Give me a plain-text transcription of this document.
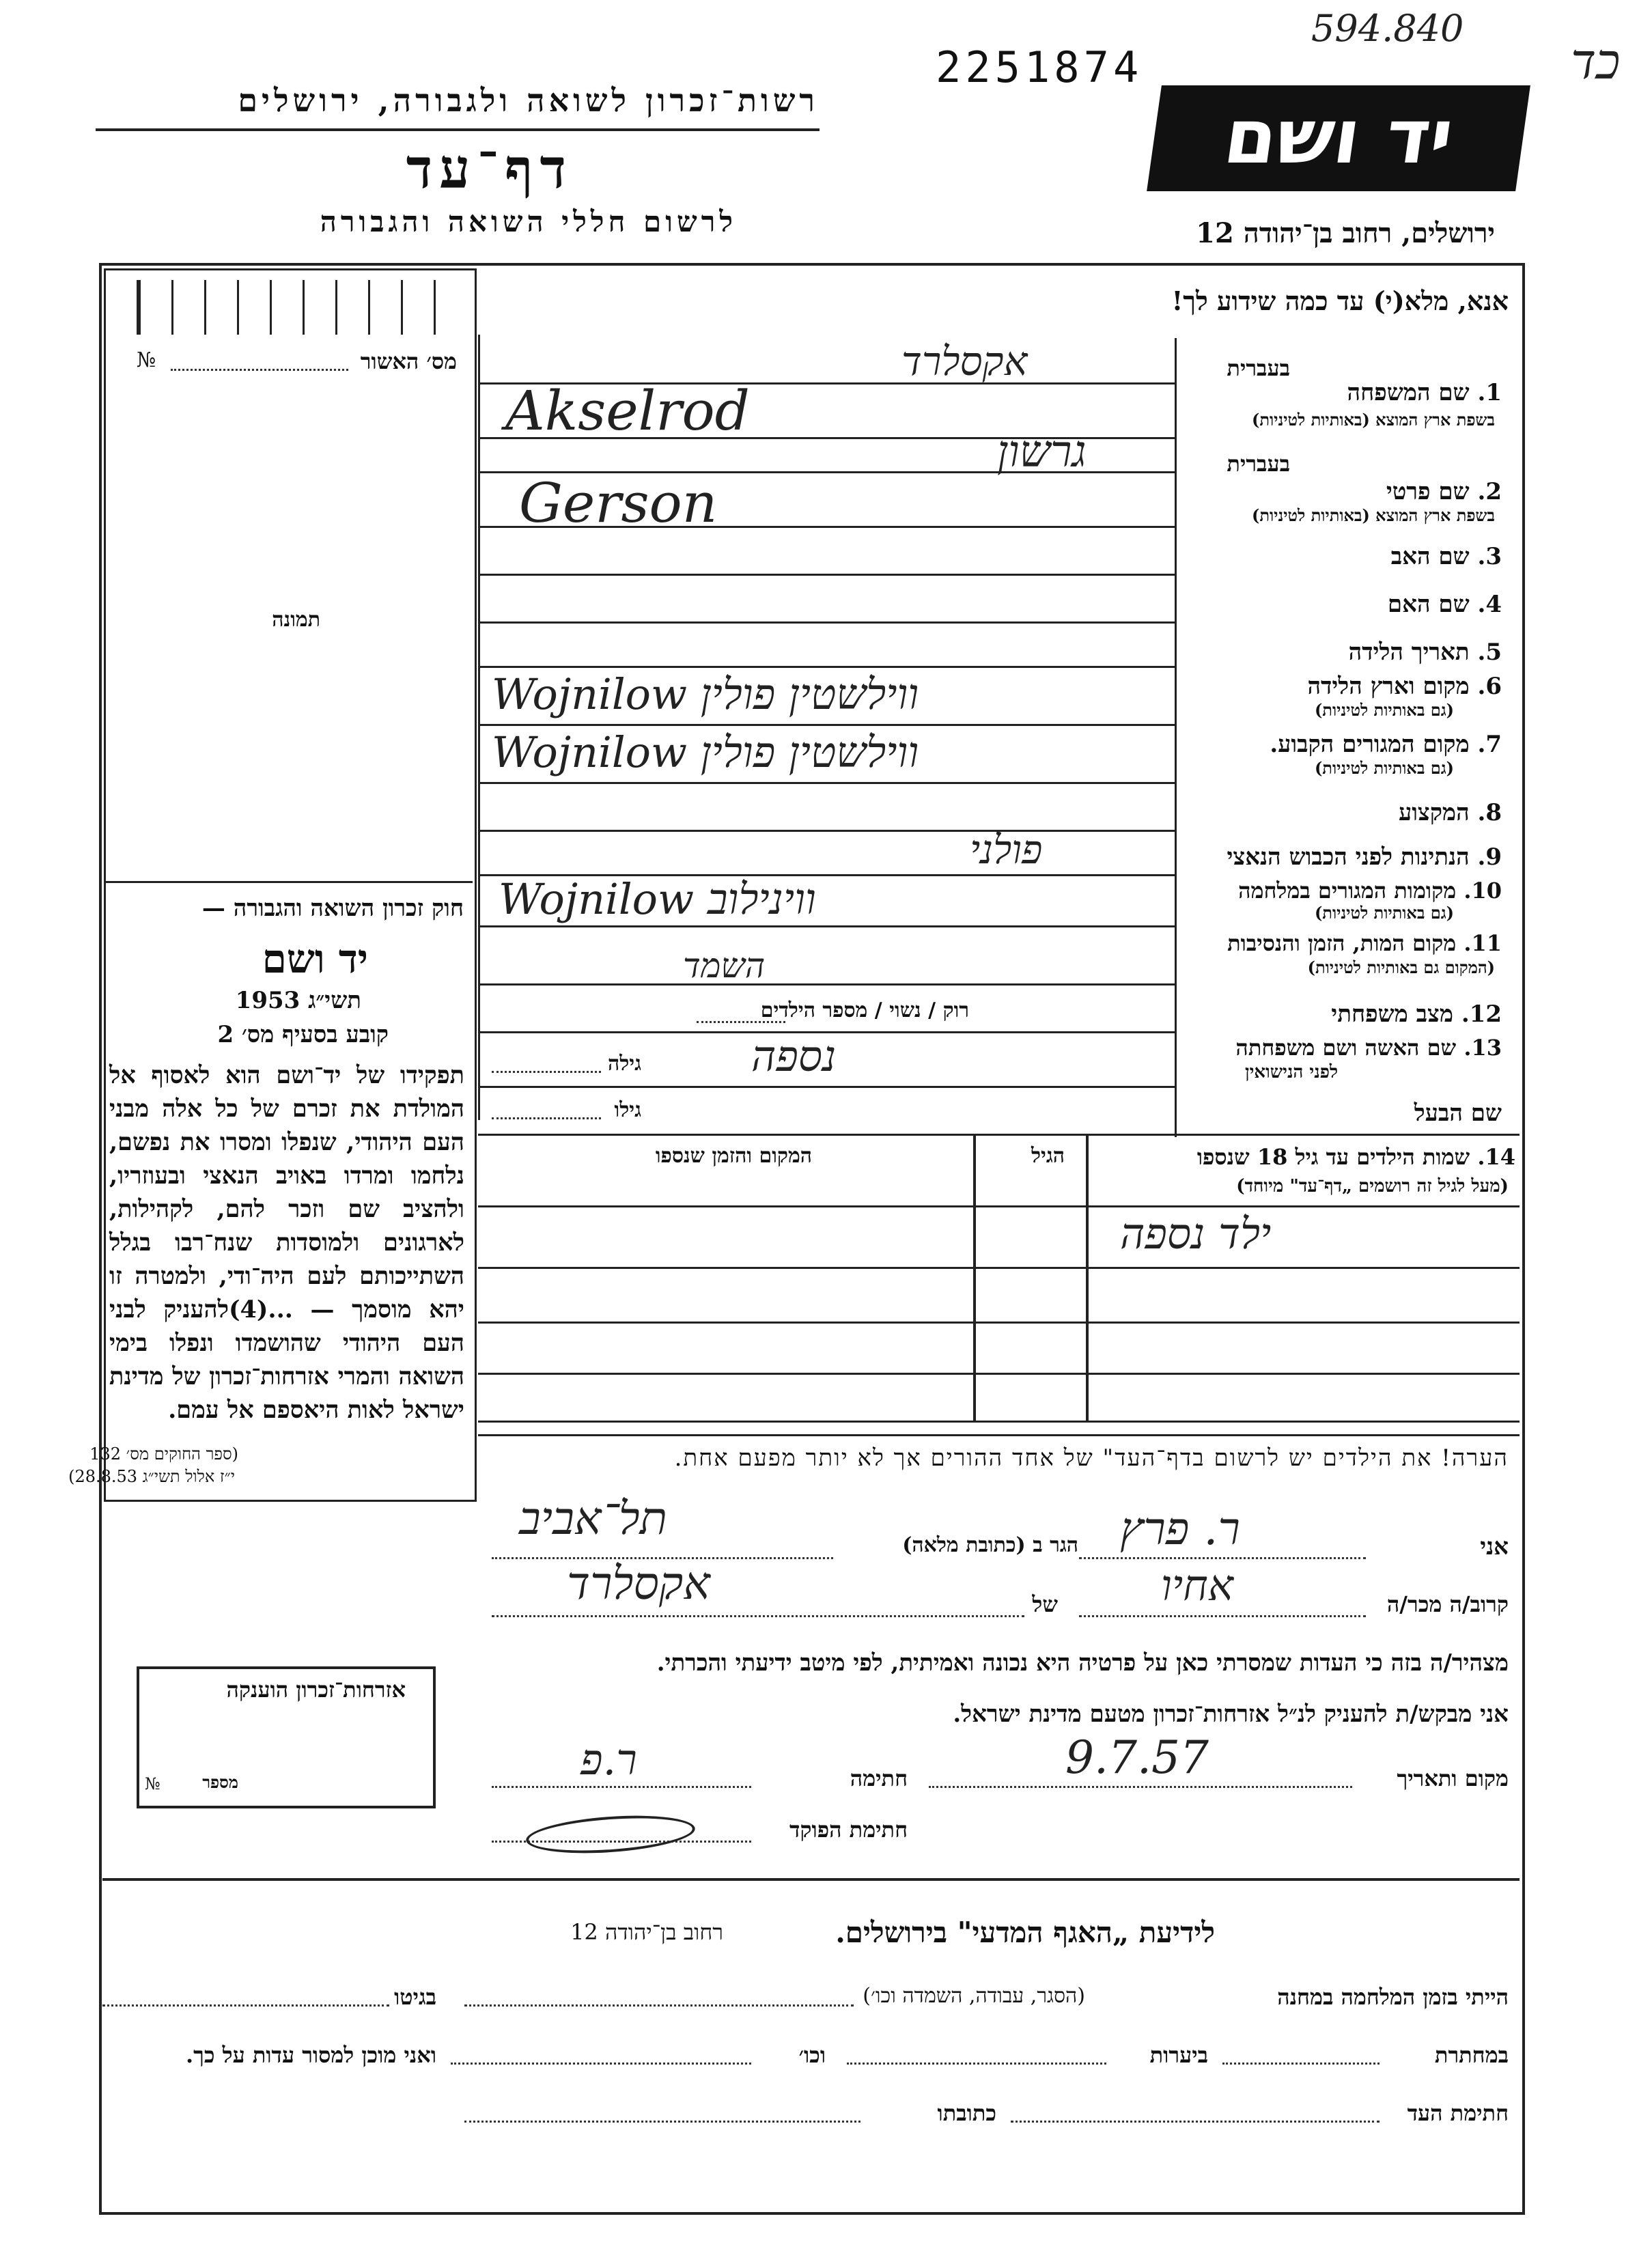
2251874
594.840
כד
רשות־זכרון לשואה ולגבורה, ירושלים
דף־עד
לרשום חללי השואה והגבורה
יד ושם
ירושלים, רחוב בן־יהודה 12
אנא, מלא(י) עד כמה שידוע לך!
מס׳ האשור
№
תמונה
חוק זכרון השואה והגבורה —
יד ושם
תשי״ג 1953
קובע בסעיף מס׳ 2
תפקידו של יד־ושם הוא לאסוף אל המולדת את זכרם של כל אלה מבני העם היהודי, שנפלו ומסרו את נפשם, נלחמו ומרדו באויב הנאצי ובעוזריו, ולהציב שם וזכר להם, לקהילות, לארגונים ולמוסדות שנח־רבו בגלל השתייכותם לעם היה־ודי, ולמטרה זו יהא מוסמך — ...(4)להעניק לבני העם היהודי שהושמדו ונפלו בימי השואה והמרי אזרחות־זכרון של מדינת ישראל לאות היאספם אל עמם.
(ספר החוקים מס׳ 132
י״ז אלול תשי״ג 28.8.53)
אזרחות־זכרון הוענקה
מספר
№
בעברית
1. שם המשפחה
בשפת ארץ המוצא (באותיות לטיניות)
בעברית
2. שם פרטי
בשפת ארץ המוצא (באותיות לטיניות)
3. שם האב
4. שם האם
5. תאריך הלידה
6. מקום וארץ הלידה
(גם באותיות לטיניות)
7. מקום המגורים הקבוע.
(גם באותיות לטיניות)
8. המקצוע
9. הנתינות לפני הכבוש הנאצי
10. מקומות המגורים במלחמה
(גם באותיות לטיניות)
11. מקום המות, הזמן והנסיבות
(המקום גם באותיות לטיניות)
12. מצב משפחתי
13. שם האשה ושם משפחתה
לפני הנישואין
שם הבעל
אקסלרד
Akselrod
גרשון
Gerson
ווילשטין פולין Wojnilow
ווילשטין פולין Wojnilow
פולני
ווינילוב Wojnilow
השמד
רוק / נשוי / מספר הילדים
נספה
גילה
גילו
14. שמות הילדים עד גיל 18 שנספו
(מעל לגיל זה רושמים „דף־עד" מיוחד)
הגיל
המקום והזמן שנספו
ילד נספה
הערה! את הילדים יש לרשום בדף־העד" של אחד ההורים אך לא יותר מפעם אחת.
אני
ר. פרץ
הגר ב (כתובת מלאה)
תל־אביב
קרוב/ה מכר/ה
אחיו
של
אקסלרד
מצהיר/ה בזה כי העדות שמסרתי כאן על פרטיה היא נכונה ואמיתית, לפי מיטב ידיעתי והכרתי.
אני מבקש/ת להעניק לנ״ל אזרחות־זכרון מטעם מדינת ישראל.
מקום ותאריך
9.7.57
חתימה
ר.פ
חתימת הפוקד
לידיעת „האגף המדעי" בירושלים.
רחוב בן־יהודה 12
הייתי בזמן המלחמה במחנה
(הסגר, עבודה, השמדה וכו׳)
בגיטו
במחתרת
ביערות
וכו׳
ואני מוכן למסור עדות על כך.
חתימת העד
כתובתו
